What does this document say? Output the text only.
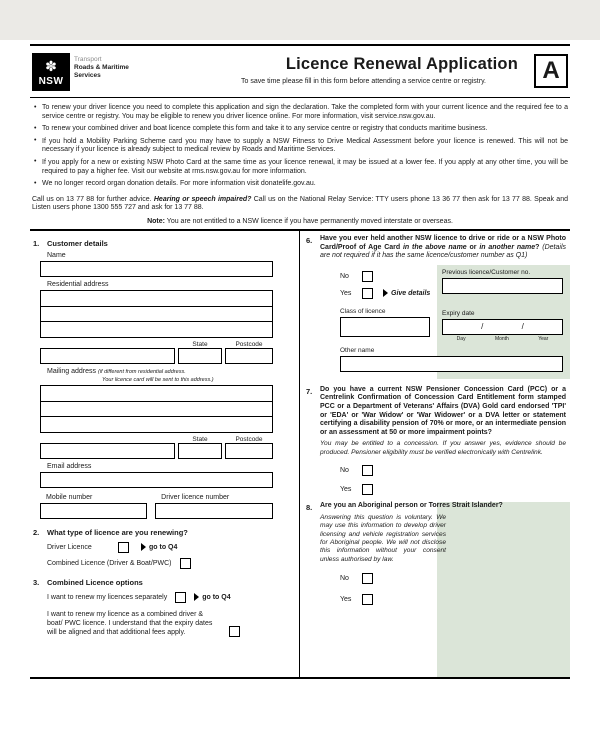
✽
NSW
Transport
Roads & Maritime
Services
Licence Renewal Application
To save time please fill in this form before attending a service centre or registry.	A
• To renew your driver licence you need to complete this application and sign the declaration. Take the completed form with your current licence and the required fee to a service centre or registry. You may be eligible to renew you driver licence online. For more information, visit service.nsw.gov.au.
• To renew your combined driver and boat licence complete this form and take it to any service centre or registry that conducts maritime business.
• If you hold a Mobility Parking Scheme card you may have to supply a NSW Fitness to Drive Medical Assessment before your licence is renewed. This will not be necessary if your licence is already subject to medical review by Roads and Maritime Services.
• If you apply for a new or existing NSW Photo Card at the same time as your licence renewal, it may be issued at a lower fee. If you apply at any other time, you will be required to pay a higher fee. Visit our website at rms.nsw.gov.au for more information.
• We no longer record organ donation details. For more information visit donatelife.gov.au.

Call us on 13 77 88 for further advice. Hearing or speech impaired? Call us on the National Relay Service: TTY users phone 13 36 77 then ask for 13 77 88. Speak and Listen users phone 1300 555 727 and ask for 13 77 88.

Note: You are not entitled to a NSW licence if you have permanently moved interstate or overseas.

1.	Customer details
Name
Residential address
State	Postcode
Mailing address (if different from residential address.
Your licence card will be sent to this address.)
State	Postcode
Email address
Mobile number	Driver licence number
2.	What type of licence are you renewing?
Driver Licence	go to Q4
Combined Licence (Driver & Boat/PWC)
3.	Combined Licence options
I want to renew my licences separately	go to Q4
I want to renew my licence as a combined driver & boat/ PWC licence. I understand that the expiry dates will be aligned and that additional fees apply.
6.	Have you ever held another NSW licence to drive or ride or a NSW Photo Card/Proof of Age Card in the above name or in another name? (Details are not required if it has the same licence/customer number as Q1)

No
Yes	Give details
Previous licence/Customer no.
Class of licence	Expiry date
/	/
Day	Month	Year
Other name
7.	Do you have a current NSW Pensioner Concession Card (PCC) or a Centrelink Confirmation of Concession Card Entitlement form stamped PCC or a Department of Veterans' Affairs (DVA) Gold card endorsed 'TPI' or 'EDA' or 'War Widow' or 'War Widower' or a DVA letter or statement certifying a disability pension of 70% or more, or an intermediate pension or an assessment at 50 or more impairment points?

You may be entitled to a concession. If you answer yes, evidence should be produced. Pensioner eligibility must be verified electronically with Centrelink.

No
Yes
8.	Are you an Aboriginal person or Torres Strait Islander?

Answering this question is voluntary. We may use this information to develop driver licensing and vehicle registration services for Aboriginal people. We will not disclose this information without your consent unless authorised by law.

No
Yes
